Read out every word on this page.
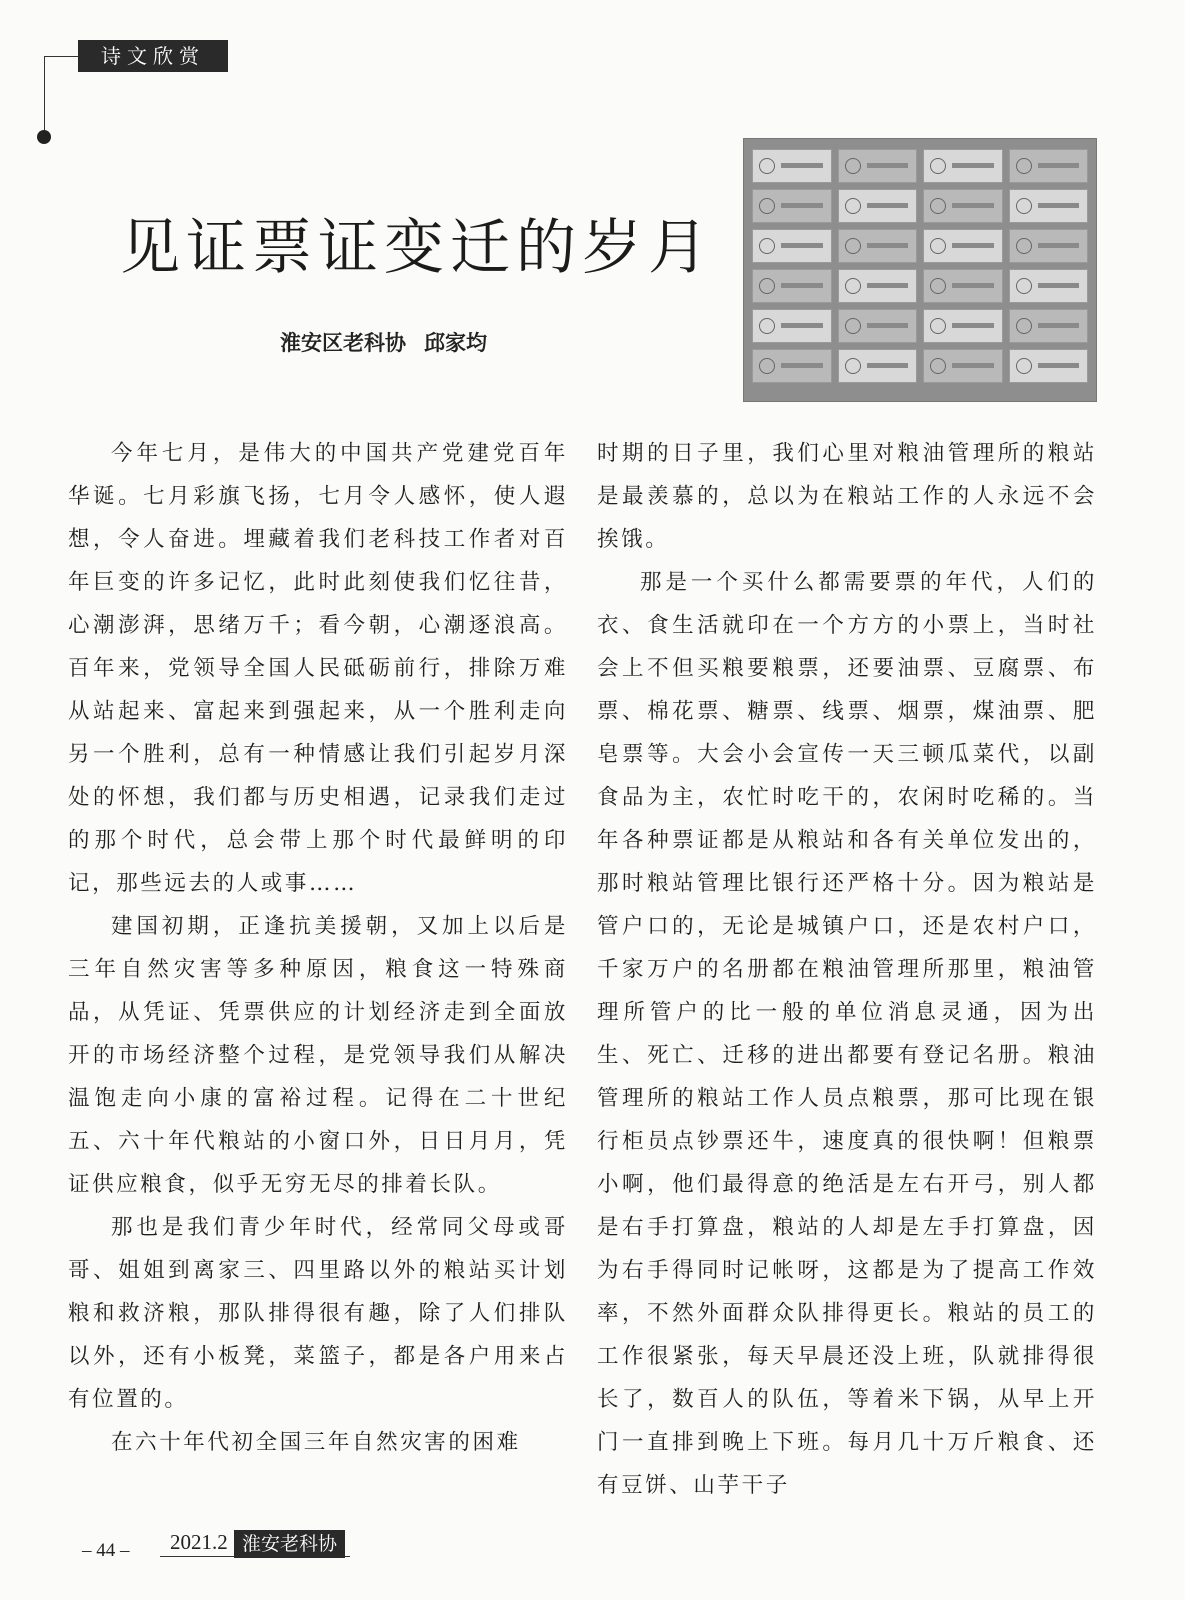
诗文欣赏
见证票证变迁的岁月
淮安区老科协 邱家均

今年七月，是伟大的中国共产党建党百年华诞。七月彩旗飞扬，七月令人感怀，使人遐想，令人奋进。埋藏着我们老科技工作者对百年巨变的许多记忆，此时此刻使我们忆往昔，心潮澎湃，思绪万千；看今朝，心潮逐浪高。百年来，党领导全国人民砥砺前行，排除万难从站起来、富起来到强起来，从一个胜利走向另一个胜利，总有一种情感让我们引起岁月深处的怀想，我们都与历史相遇，记录我们走过的那个时代，总会带上那个时代最鲜明的印记，那些远去的人或事……

建国初期，正逢抗美援朝，又加上以后是三年自然灾害等多种原因，粮食这一特殊商品，从凭证、凭票供应的计划经济走到全面放开的市场经济整个过程，是党领导我们从解决温饱走向小康的富裕过程。记得在二十世纪五、六十年代粮站的小窗口外，日日月月，凭证供应粮食，似乎无穷无尽的排着长队。

那也是我们青少年时代，经常同父母或哥哥、姐姐到离家三、四里路以外的粮站买计划粮和救济粮，那队排得很有趣，除了人们排队以外，还有小板凳，菜篮子，都是各户用来占有位置的。

在六十年代初全国三年自然灾害的困难

时期的日子里，我们心里对粮油管理所的粮站是最羡慕的，总以为在粮站工作的人永远不会挨饿。

那是一个买什么都需要票的年代，人们的衣、食生活就印在一个方方的小票上，当时社会上不但买粮要粮票，还要油票、豆腐票、布票、棉花票、糖票、线票、烟票，煤油票、肥皂票等。大会小会宣传一天三顿瓜菜代，以副食品为主，农忙时吃干的，农闲时吃稀的。当年各种票证都是从粮站和各有关单位发出的，那时粮站管理比银行还严格十分。因为粮站是管户口的，无论是城镇户口，还是农村户口，千家万户的名册都在粮油管理所那里，粮油管理所管户的比一般的单位消息灵通，因为出生、死亡、迁移的进出都要有登记名册。粮油管理所的粮站工作人员点粮票，那可比现在银行柜员点钞票还牛，速度真的很快啊！但粮票小啊，他们最得意的绝活是左右开弓，别人都是右手打算盘，粮站的人却是左手打算盘，因为右手得同时记帐呀，这都是为了提高工作效率，不然外面群众队排得更长。粮站的员工的工作很紧张，每天早晨还没上班，队就排得很长了，数百人的队伍，等着米下锅，从早上开门一直排到晚上下班。每月几十万斤粮食、还有豆饼、山芋干子

– 44 – 2021.2 淮安老科协
